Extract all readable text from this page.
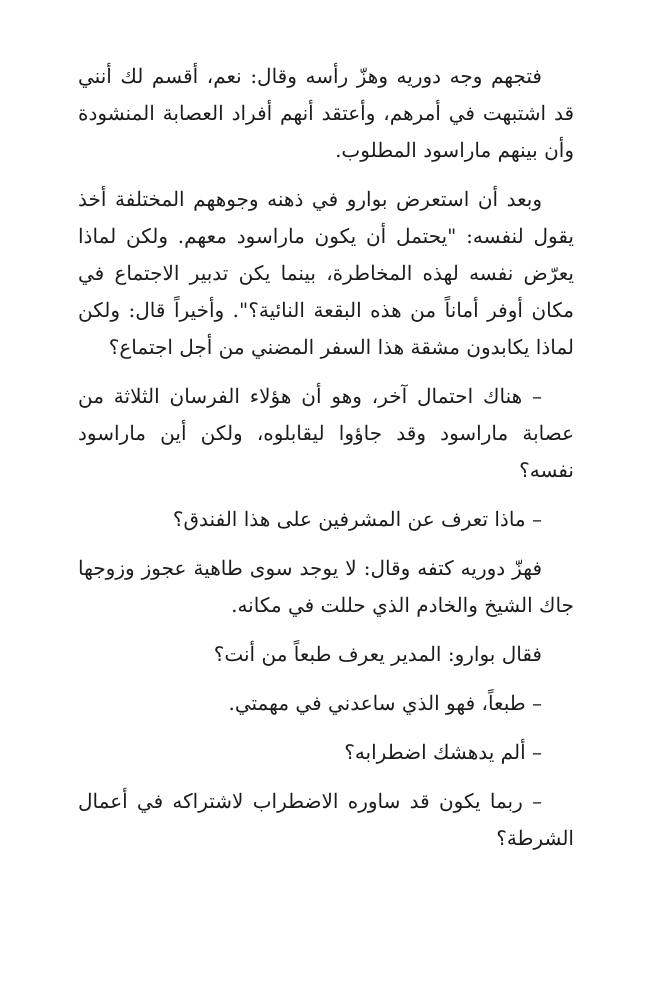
فتجهم وجه دوريه وهزّ رأسه وقال: نعم، أقسم لك أنني قد اشتبهت في أمرهم، وأعتقد أنهم أفراد العصابة المنشودة وأن بينهم ماراسود المطلوب.

وبعد أن استعرض بوارو في ذهنه وجوههم المختلفة أخذ يقول لنفسه: "يحتمل أن يكون ماراسود معهم. ولكن لماذا يعرّض نفسه لهذه المخاطرة، بينما يكن تدبير الاجتماع في مكان أوفر أماناً من هذه البقعة النائية؟". وأخيراً قال: ولكن لماذا يكابدون مشقة هذا السفر المضني من أجل اجتماع؟

– هناك احتمال آخر، وهو أن هؤلاء الفرسان الثلاثة من عصابة ماراسود وقد جاؤوا ليقابلوه، ولكن أين ماراسود نفسه؟

– ماذا تعرف عن المشرفين على هذا الفندق؟

فهزّ دوريه كتفه وقال: لا يوجد سوى طاهية عجوز وزوجها جاك الشيخ والخادم الذي حللت في مكانه.

فقال بوارو: المدير يعرف طبعاً من أنت؟

– طبعاً، فهو الذي ساعدني في مهمتي.

– ألم يدهشك اضطرابه؟

– ربما يكون قد ساوره الاضطراب لاشتراكه في أعمال الشرطة؟
